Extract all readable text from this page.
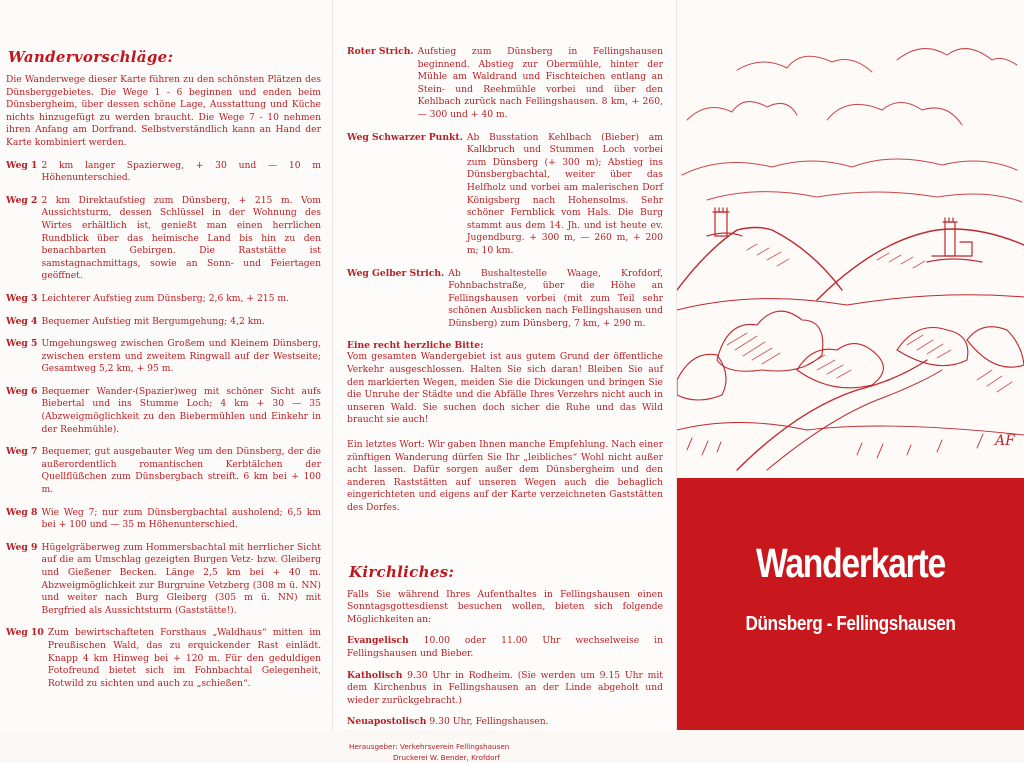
Wandervorschläge:

Die Wanderwege dieser Karte führen zu den schönsten Plätzen des Dünsberggebietes. Die Wege 1 - 6 beginnen und enden beim Dünsbergheim, über dessen schöne Lage, Ausstattung und Küche nichts hinzugefügt zu werden braucht. Die Wege 7 - 10 nehmen ihren Anfang am Dorfrand. Selbstverständlich kann an Hand der Karte kombiniert werden.

Weg 1 2 km langer Spazierweg, + 30 und — 10 m Höhenunterschied.
Weg 2 2 km Direktaufstieg zum Dünsberg, + 215 m. Vom Aussichtsturm, dessen Schlüssel in der Wohnung des Wirtes erhältlich ist, genießt man einen herrlichen Rundblick über das heimische Land bis hin zu den benachbarten Gebirgen. Die Raststätte ist samstagnachmittags, sowie an Sonn- und Feiertagen geöffnet.
Weg 3 Leichterer Aufstieg zum Dünsberg; 2,6 km, + 215 m.
Weg 4 Bequemer Aufstieg mit Bergumgehung; 4,2 km.
Weg 5 Umgehungsweg zwischen Großem und Kleinem Dünsberg, zwischen erstem und zweitem Ringwall auf der Westseite; Gesamtweg 5,2 km, + 95 m.
Weg 6 Bequemer Wander-(Spazier)weg mit schöner Sicht aufs Biebertal und ins Stumme Loch; 4 km + 30 — 35 (Abzweigmöglichkeit zu den Biebermühlen und Einkehr in der Reehmühle).
Weg 7 Bequemer, gut ausgebauter Weg um den Dünsberg, der die außerordentlich romantischen Kerbtälchen der Quellflüßchen zum Dünsbergbach streift. 6 km bei + 100 m.
Weg 8 Wie Weg 7; nur zum Dünsbergbachtal ausholend; 6,5 km bei + 100 und — 35 m Höhenunterschied.
Weg 9 Hügelgräberweg zum Hommersbachtal mit herrlicher Sicht auf die am Umschlag gezeigten Burgen Vetz- bzw. Gleiberg und Gießener Becken. Länge 2,5 km bei + 40 m. Abzweigmöglichkeit zur Burgruine Vetzberg (308 m ü. NN) und weiter nach Burg Gleiberg (305 m ü. NN) mit Bergfried als Aussichtsturm (Gaststätte!).
Weg 10 Zum bewirtschafteten Forsthaus „Waldhaus“ mitten im Preußischen Wald, das zu erquickender Rast einlädt. Knapp 4 km Hinweg bei + 120 m. Für den geduldigen Fotofreund bietet sich im Fohnbachtal Gelegenheit, Rotwild zu sichten und auch zu „schießen“.
Roter Strich. Aufstieg zum Dünsberg in Fellingshausen beginnend. Abstieg zur Obermühle, hinter der Mühle am Waldrand und Fischteichen entlang an Stein- und Reehmühle vorbei und über den Kehlbach zurück nach Fellingshausen. 8 km, + 260, — 300 und + 40 m.
Weg Schwarzer Punkt. Ab Busstation Kehlbach (Bieber) am Kalkbruch und Stummen Loch vorbei zum Dünsberg (+ 300 m); Abstieg ins Dünsbergbachtal, weiter über das Helfholz und vorbei am malerischen Dorf Königsberg nach Hohensolms. Sehr schöner Fernblick vom Hals. Die Burg stammt aus dem 14. Jh. und ist heute ev. Jugendburg. + 300 m, — 260 m, + 200 m; 10 km.
Weg Gelber Strich. Ab Bushaltestelle Waage, Krofdorf, Fohnbachstraße, über die Höhe an Fellingshausen vorbei (mit zum Teil sehr schönen Ausblicken nach Fellingshausen und Dünsberg) zum Dünsberg, 7 km, + 290 m.

Eine recht herzliche Bitte:

Vom gesamten Wandergebiet ist aus gutem Grund der öffentliche Verkehr ausgeschlossen. Halten Sie sich daran! Bleiben Sie auf den markierten Wegen, meiden Sie die Dickungen und bringen Sie die Unruhe der Städte und die Abfälle Ihres Verzehrs nicht auch in unseren Wald. Sie suchen doch sicher die Ruhe und das Wild braucht sie auch!

Ein letztes Wort: Wir gaben Ihnen manche Empfehlung. Nach einer zünftigen Wanderung dürfen Sie Ihr „leibliches“ Wohl nicht außer acht lassen. Dafür sorgen außer dem Dünsbergheim und den anderen Raststätten auf unseren Wegen auch die behaglich eingerichteten und eigens auf der Karte verzeichneten Gaststätten des Dorfes.

Kirchliches:

Falls Sie während Ihres Aufenthaltes in Fellingshausen einen Sonntagsgottesdienst besuchen wollen, bieten sich folgende Möglichkeiten an:

Evangelisch 10.00 oder 11.00 Uhr wechselweise in Fellingshausen und Bieber.

Katholisch 9.30 Uhr in Rodheim. (Sie werden um 9.15 Uhr mit dem Kirchenbus in Fellingshausen an der Linde abgeholt und wieder zurückgebracht.)

Neuapostolisch 9.30 Uhr, Fellingshausen.

Herausgeber: Verkehrsverein Fellingshausen
Druckerei W. Bender, Krofdorf
AF
Wanderkarte
Dünsberg - Fellingshausen
